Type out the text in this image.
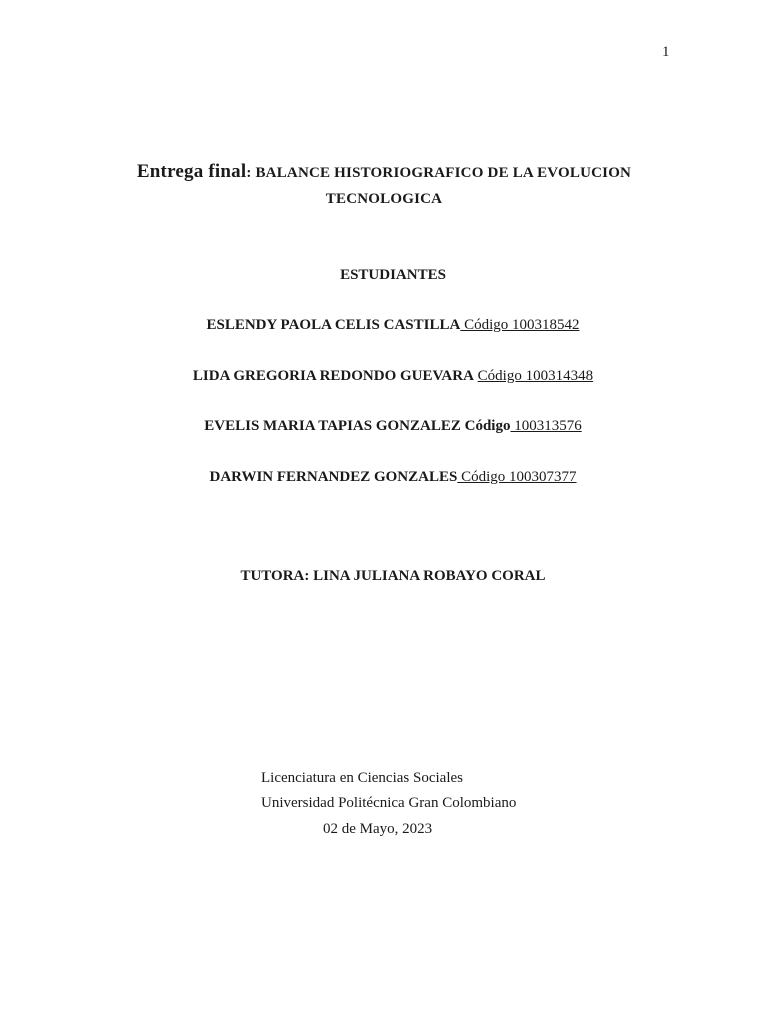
1
Entrega final: BALANCE HISTORIOGRAFICO DE LA EVOLUCION
TECNOLOGICA
ESTUDIANTES
ESLENDY PAOLA CELIS CASTILLA Código 100318542
LIDA GREGORIA REDONDO GUEVARA Código 100314348
EVELIS MARIA TAPIAS GONZALEZ Código 100313576
DARWIN FERNANDEZ GONZALES Código 100307377
TUTORA: LINA JULIANA ROBAYO CORAL
Licenciatura en Ciencias Sociales
Universidad Politécnica Gran Colombiano
02 de Mayo, 2023
